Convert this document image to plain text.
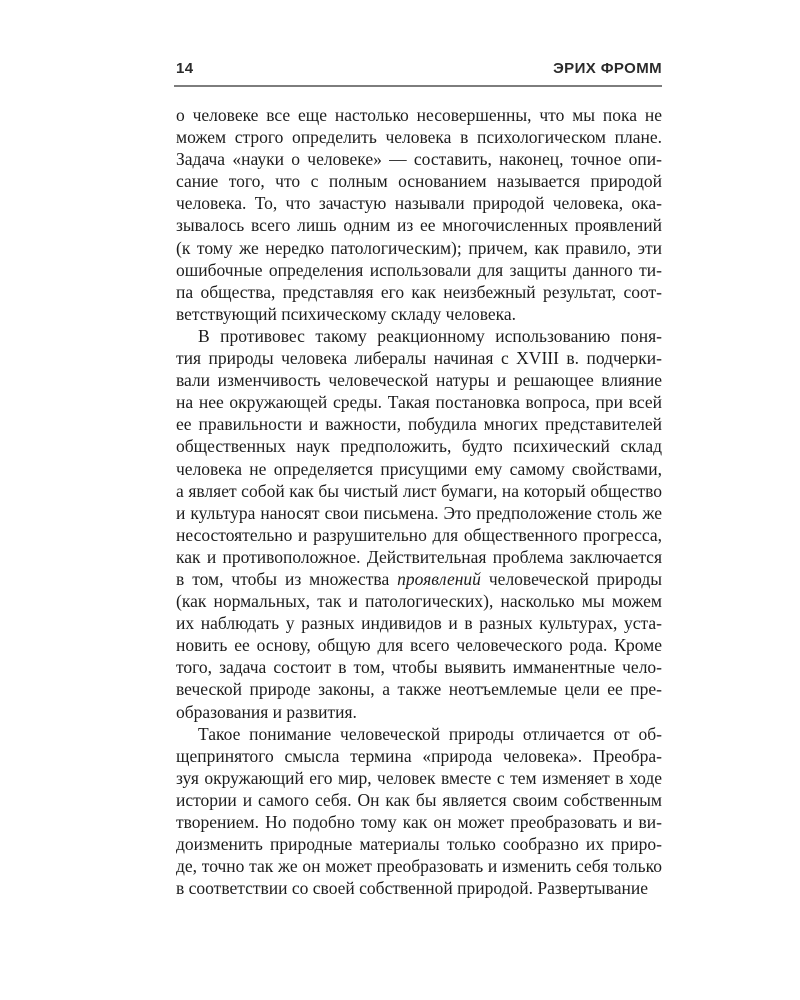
14	ЭРИХ ФРОММ
о человеке все еще настолько несовершенны, что мы пока не
можем строго определить человека в психологическом плане.
Задача «науки о человеке» — составить, наконец, точное опи-
сание того, что с полным основанием называется природой
человека. То, что зачастую называли природой человека, ока-
зывалось всего лишь одним из ее многочисленных проявлений
(к тому же нередко патологическим); причем, как правило, эти
ошибочные определения использовали для защиты данного ти-
па общества, представляя его как неизбежный результат, соот-
ветствующий психическому складу человека.
В противовес такому реакционному использованию поня-
тия природы человека либералы начиная с XVIII в. подчерки-
вали изменчивость человеческой натуры и решающее влияние
на нее окружающей среды. Такая постановка вопроса, при всей
ее правильности и важности, побудила многих представителей
общественных наук предположить, будто психический склад
человека не определяется присущими ему самому свойствами,
а являет собой как бы чистый лист бумаги, на который общество
и культура наносят свои письмена. Это предположение столь же
несостоятельно и разрушительно для общественного прогресса,
как и противоположное. Действительная проблема заключается
в том, чтобы из множества проявлений человеческой природы
(как нормальных, так и патологических), насколько мы можем
их наблюдать у разных индивидов и в разных культурах, уста-
новить ее основу, общую для всего человеческого рода. Кроме
того, задача состоит в том, чтобы выявить имманентные чело-
веческой природе законы, а также неотъемлемые цели ее пре-
образования и развития.
Такое понимание человеческой природы отличается от об-
щепринятого смысла термина «природа человека». Преобра-
зуя окружающий его мир, человек вместе с тем изменяет в ходе
истории и самого себя. Он как бы является своим собственным
творением. Но подобно тому как он может преобразовать и ви-
доизменить природные материалы только сообразно их приро-
де, точно так же он может преобразовать и изменить себя только
в соответствии со своей собственной природой. Развертывание
